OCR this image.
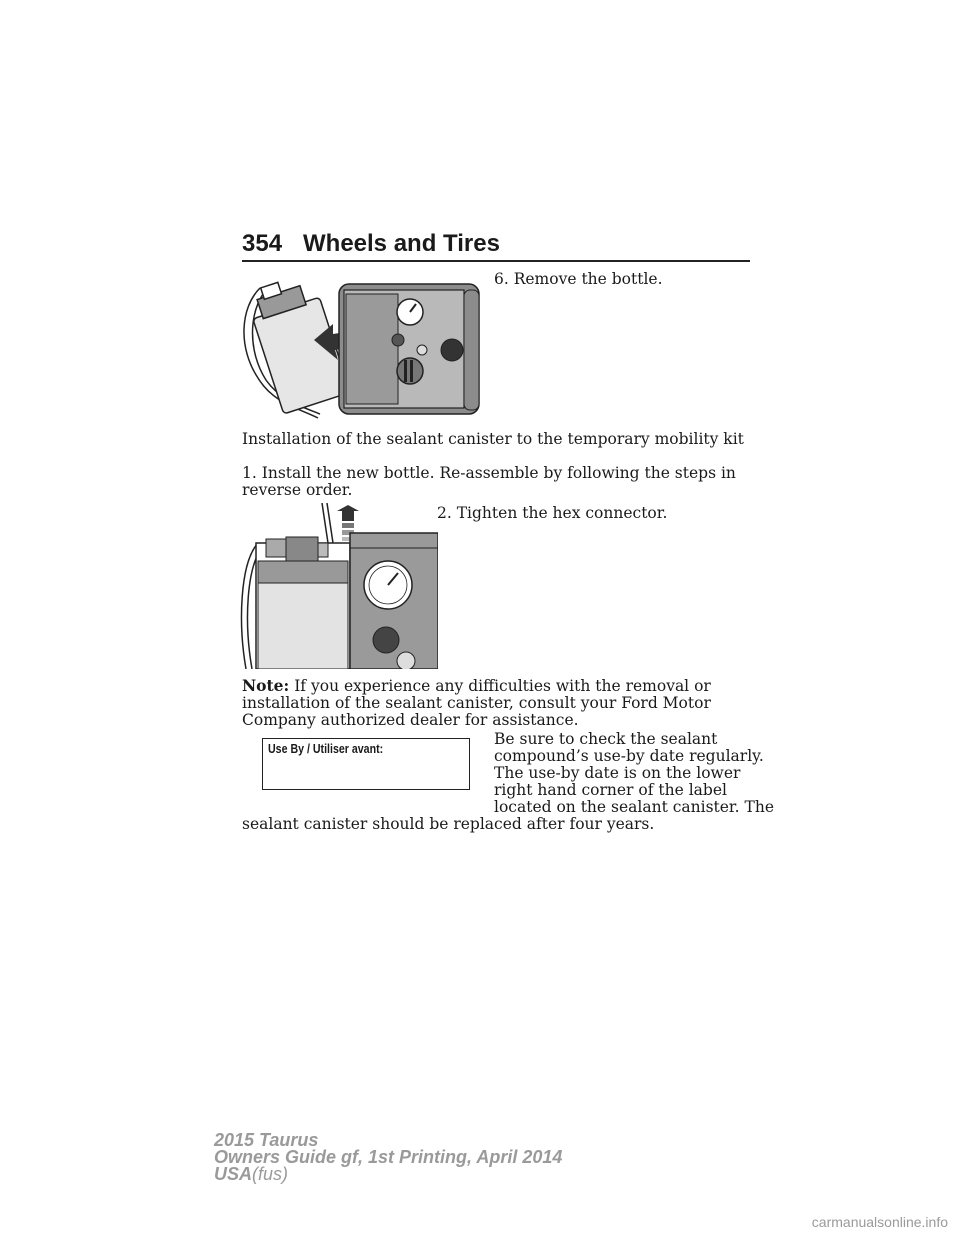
354 Wheels and Tires
6. Remove the bottle.
Installation of the sealant canister to the temporary mobility kit
1. Install the new bottle. Re-assemble by following the steps in reverse order.
2. Tighten the hex connector.
Note: If you experience any difficulties with the removal or installation of the sealant canister, consult your Ford Motor Company authorized dealer for assistance.
Use By / Utiliser avant:
Be sure to check the sealant
compound’s use-by date regularly.
The use-by date is on the lower
right hand corner of the label
located on the sealant canister. The
sealant canister should be replaced after four years.
2015 Taurus
Owners Guide gf, 1st Printing, April 2014
USA(fus)
carmanualsonline.info
